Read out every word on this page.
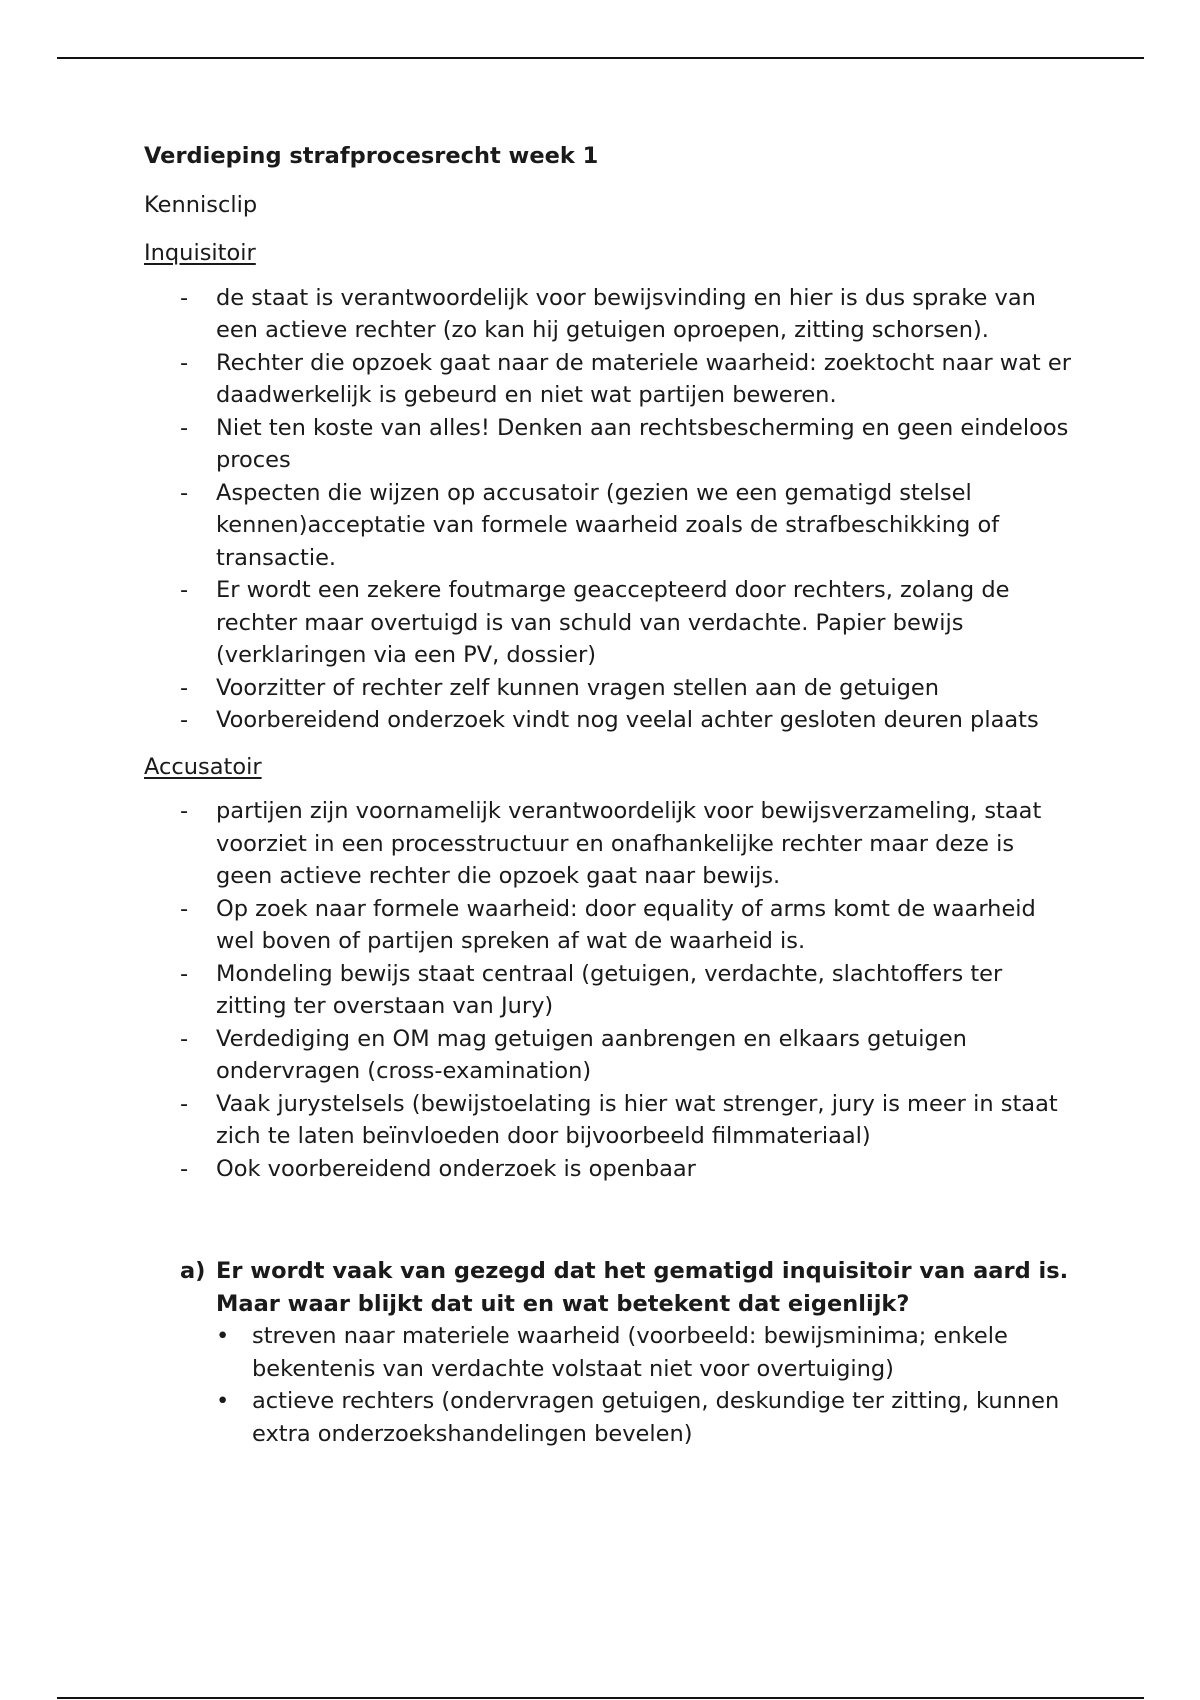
Verdieping strafprocesrecht week 1
Kennisclip
Inquisitoir
- de staat is verantwoordelijk voor bewijsvinding en hier is dus sprake van een actieve rechter (zo kan hij getuigen oproepen, zitting schorsen).
- Rechter die opzoek gaat naar de materiele waarheid: zoektocht naar wat er daadwerkelijk is gebeurd en niet wat partijen beweren.
- Niet ten koste van alles! Denken aan rechtsbescherming en geen eindeloos proces
- Aspecten die wijzen op accusatoir (gezien we een gematigd stelsel kennen)acceptatie van formele waarheid zoals de strafbeschikking of transactie.
- Er wordt een zekere foutmarge geaccepteerd door rechters, zolang de rechter maar overtuigd is van schuld van verdachte. Papier bewijs (verklaringen via een PV, dossier)
- Voorzitter of rechter zelf kunnen vragen stellen aan de getuigen
- Voorbereidend onderzoek vindt nog veelal achter gesloten deuren plaats
Accusatoir
- partijen zijn voornamelijk verantwoordelijk voor bewijsverzameling, staat voorziet in een processtructuur en onafhankelijke rechter maar deze is geen actieve rechter die opzoek gaat naar bewijs.
- Op zoek naar formele waarheid: door equality of arms komt de waarheid wel boven of partijen spreken af wat de waarheid is.
- Mondeling bewijs staat centraal (getuigen, verdachte, slachtoffers ter zitting ter overstaan van Jury)
- Verdediging en OM mag getuigen aanbrengen en elkaars getuigen ondervragen (cross-examination)
- Vaak jurystelsels (bewijstoelating is hier wat strenger, jury is meer in staat zich te laten beïnvloeden door bijvoorbeeld filmmateriaal)
- Ook voorbereidend onderzoek is openbaar
a) Er wordt vaak van gezegd dat het gematigd inquisitoir van aard is. Maar waar blijkt dat uit en wat betekent dat eigenlijk?
• streven naar materiele waarheid (voorbeeld: bewijsminima; enkele bekentenis van verdachte volstaat niet voor overtuiging)
• actieve rechters (ondervragen getuigen, deskundige ter zitting, kunnen extra onderzoekshandelingen bevelen)
